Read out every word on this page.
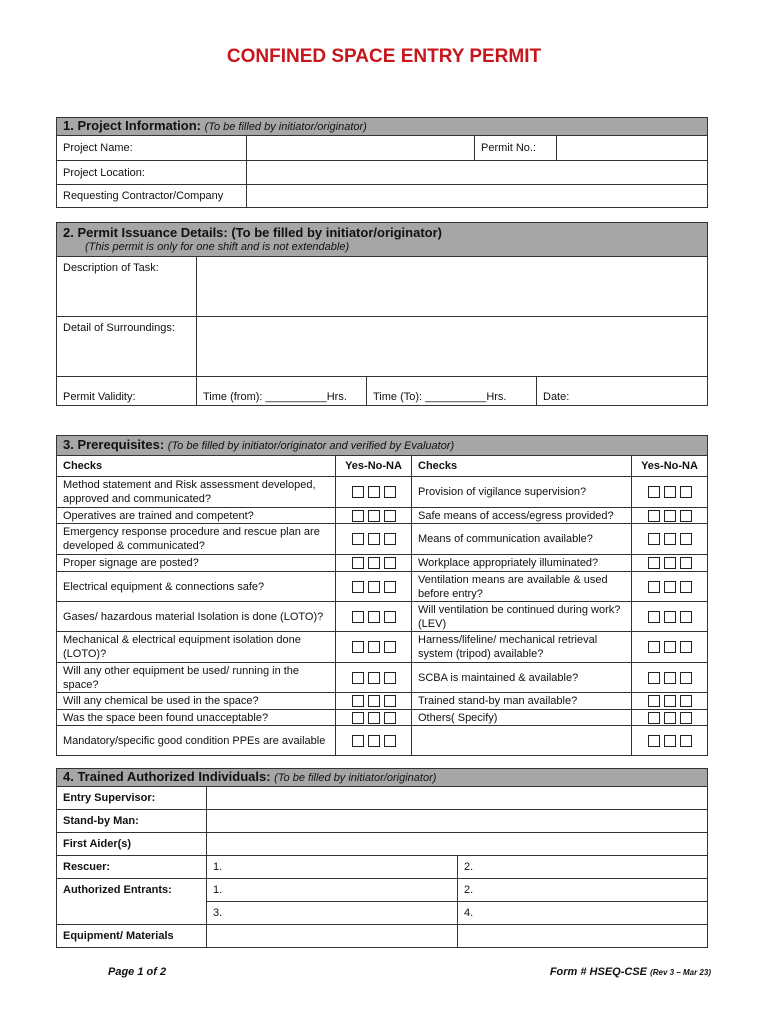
CONFINED SPACE ENTRY PERMIT
1. Project Information: (To be filled by initiator/originator)			
Project Name:		Permit No.:	
Project Location:			
Requesting Contractor/Company			
2. Permit Issuance Details: (To be filled by initiator/originator)
(This permit is only for one shift and is not extendable)			

Description of Task:			
Detail of Surroundings:			
Permit Validity:	Time (from): __________Hrs.	Time (To): __________Hrs.	Date:
3. Prerequisites: (To be filled by initiator/originator and verified by Evaluator)			
Checks	Yes-No-NA	Checks	Yes-No-NA
Method statement and Risk assessment developed, approved and communicated?		Provision of vigilance supervision?	
Operatives are trained and competent?		Safe means of access/egress provided?	
Emergency response procedure and rescue plan are developed & communicated?		Means of communication available?	
Proper signage are posted?		Workplace appropriately illuminated?	
Electrical equipment & connections safe?		Ventilation means are available & used before entry?	
Gases/ hazardous material Isolation is done (LOTO)?		Will ventilation be continued during work? (LEV)	
Mechanical & electrical equipment isolation done (LOTO)?		Harness/lifeline/ mechanical retrieval system (tripod) available?	
Will any other equipment be used/ running in the space?		SCBA is maintained & available?	
Will any chemical be used in the space?		Trained stand-by man available?	
Was the space been found unacceptable?		Others( Specify)	
Mandatory/specific good condition PPEs are available			
4. Trained Authorized Individuals: (To be filled by initiator/originator)		
Entry Supervisor:		
Stand-by Man:		
First Aider(s)		
Rescuer:	1.	2.
Authorized Entrants:	1.	2.
	3.	4.
Equipment/ Materials		
Page 1 of 2	Form # HSEQ-CSE (Rev 3 – Mar 23)
